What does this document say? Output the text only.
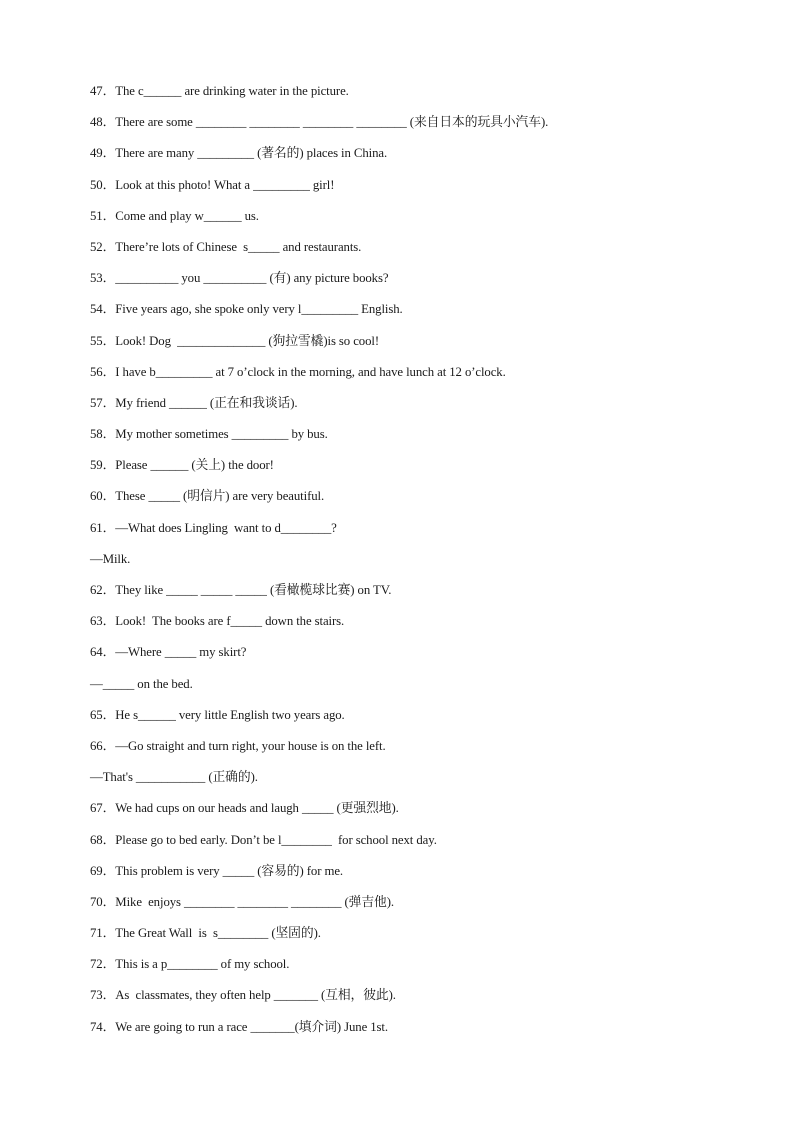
47．The c______ are drinking water in the picture.
48．There are some ________ ________ ________ ________ (来自日本的玩具小汽车).
49．There are many _________ (著名的) places in China.
50．Look at this photo! What a _________ girl!
51．Come and play w______ us.
52．There’re lots of Chinese  s_____ and restaurants.
53．__________ you __________ (有) any picture books?
54．Five years ago, she spoke only very l_________ English.
55．Look! Dog  ______________ (狗拉雪橇)is so cool!
56．I have b_________ at 7 o’clock in the morning, and have lunch at 12 o’clock.
57．My friend ______ (正在和我谈话).
58．My mother sometimes _________ by bus.
59．Please ______ (关上) the door!
60．These _____ (明信片) are very beautiful.
61．—What does Lingling  want to d________?
—Milk.
62．They like _____ _____ _____ (看橄榄球比赛) on TV.
63．Look!  The books are f_____ down the stairs.
64．—Where _____ my skirt?
—_____ on the bed.
65．He s______ very little English two years ago.
66．—Go straight and turn right, your house is on the left.
—That's ___________ (正确的).
67．We had cups on our heads and laugh _____ (更强烈地).
68．Please go to bed early. Don’t be l________  for school next day.
69．This problem is very _____ (容易的) for me.
70．Mike  enjoys ________ ________ ________ (弹吉他).
71．The Great Wall  is  s________ (坚固的).
72．This is a p________ of my school.
73．As  classmates, they often help _______ (互相，彼此).
74．We are going to run a race _______(填介词) June 1st.
